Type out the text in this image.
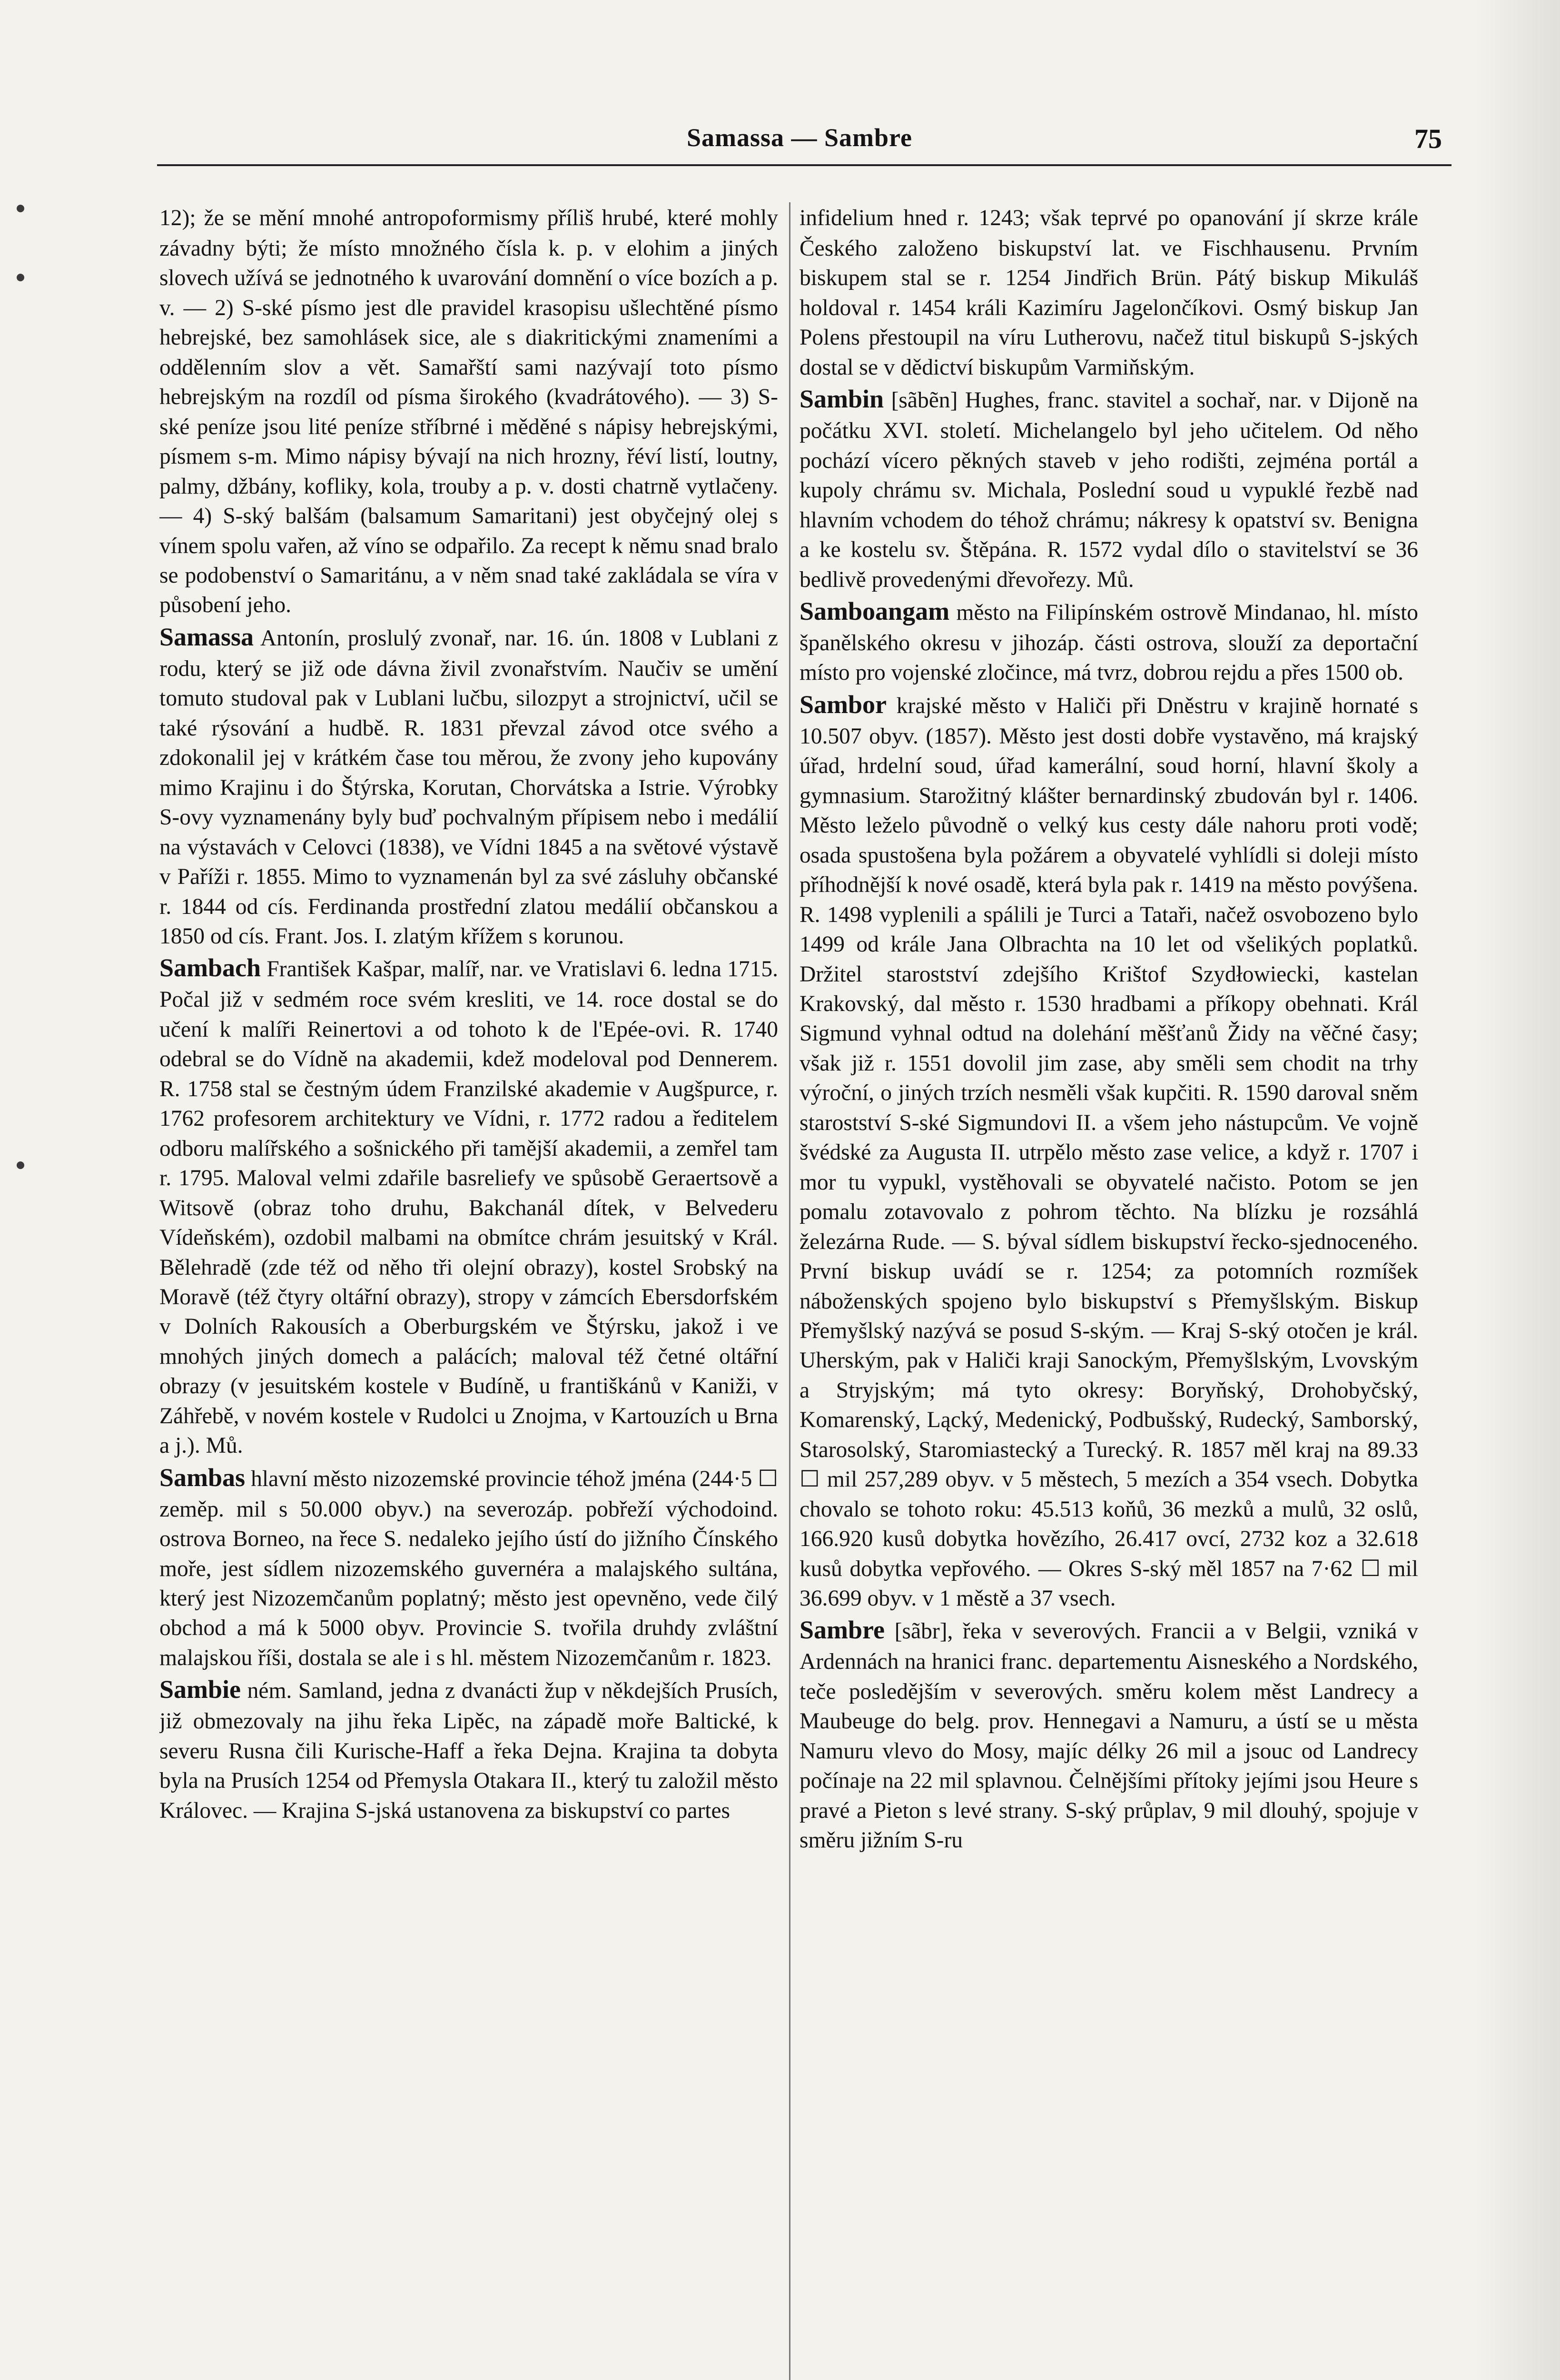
Samassa — Sambre	75

12); že se mění mnohé antropoformismy příliš hrubé, které mohly závadny býti; že místo množného čísla k. p. v elohim a jiných slovech užívá se jednotného k uvarování domnění o více bozích a p. v. — 2) S-ské písmo jest dle pravidel krasopisu ušlechtěné písmo hebrejské, bez samohlásek sice, ale s diakritickými znameními a oddělenním slov a vět. Samařští sami nazývají toto písmo hebrejským na rozdíl od písma širokého (kvadrátového). — 3) S-ské peníze jsou lité peníze stříbrné i měděné s nápisy hebrejskými, písmem s-m. Mimo nápisy bývají na nich hrozny, řéví listí, loutny, palmy, džbány, kofliky, kola, trouby a p. v. dosti chatrně vytlačeny. — 4) S-ský balšám (balsamum Samaritani) jest obyčejný olej s vínem spolu vařen, až víno se odpařilo. Za recept k němu snad bralo se podobenství o Samaritánu, a v něm snad také zakládala se víra v působení jeho.

Samassa Antonín, proslulý zvonař, nar. 16. ún. 1808 v Lublani z rodu, který se již ode dávna živil zvonařstvím. Naučiv se umění tomuto studoval pak v Lublani lučbu, silozpyt a strojnictví, učil se také rýsování a hudbě. R. 1831 převzal závod otce svého a zdokonalil jej v krátkém čase tou měrou, že zvony jeho kupovány mimo Krajinu i do Štýrska, Korutan, Chorvátska a Istrie. Výrobky S-ovy vyznamenány byly buď pochvalným přípisem nebo i medálií na výstavách v Celovci (1838), ve Vídni 1845 a na světové výstavě v Paříži r. 1855. Mimo to vyznamenán byl za své zásluhy občanské r. 1844 od cís. Ferdinanda prostřední zlatou medálií občanskou a 1850 od cís. Frant. Jos. I. zlatým křížem s korunou.

Sambach František Kašpar, malíř, nar. ve Vratislavi 6. ledna 1715. Počal již v sedmém roce svém kresliti, ve 14. roce dostal se do učení k malíři Reinertovi a od tohoto k de l'Epée-ovi. R. 1740 odebral se do Vídně na akademii, kdež modeloval pod Dennerem. R. 1758 stal se čestným údem Franzilské akademie v Augšpurce, r. 1762 profesorem architektury ve Vídni, r. 1772 radou a ředitelem odboru malířského a sošnického při tamější akademii, a zemřel tam r. 1795. Maloval velmi zdařile basreliefy ve spůsobě Geraertsově a Witsově (obraz toho druhu, Bakchanál dítek, v Belvederu Vídeňském), ozdobil malbami na obmítce chrám jesuitský v Král. Bělehradě (zde též od něho tři olejní obrazy), kostel Srobský na Moravě (též čtyry oltářní obrazy), stropy v zámcích Ebersdorfském v Dolních Rakousích a Oberburgském ve Štýrsku, jakož i ve mnohých jiných domech a palácích; maloval též četné oltářní obrazy (v jesuitském kostele v Budíně, u františkánů v Kaniži, v Záhřebě, v novém kostele v Rudolci u Znojma, v Kartouzích u Brna a j.). Mů.

Sambas hlavní město nizozemské provincie téhož jména (244·5 ☐ zeměp. mil s 50.000 obyv.) na severozáp. pobřeží východoind. ostrova Borneo, na řece S. nedaleko jejího ústí do jižního Čínského moře, jest sídlem nizozemského guvernéra a malajského sultána, který jest Nizozemčanům poplatný; město jest opevněno, vede čilý obchod a má k 5000 obyv. Provincie S. tvořila druhdy zvláštní malajskou říši, dostala se ale i s hl. městem Nizozemčanům r. 1823.

Sambie ném. Samland, jedna z dvanácti žup v někdejších Prusích, již obmezovaly na jihu řeka Lipěc, na západě moře Baltické, k severu Rusna čili Kurische-Haff a řeka Dejna. Krajina ta dobyta byla na Prusích 1254 od Přemysla Otakara II., který tu založil město Královec. — Krajina S-jská ustanovena za biskupství co partes

infidelium hned r. 1243; však teprvé po opanování jí skrze krále Českého založeno biskupství lat. ve Fischhausenu. Prvním biskupem stal se r. 1254 Jindřich Brün. Pátý biskup Mikuláš holdoval r. 1454 králi Kazimíru Jagelončíkovi. Osmý biskup Jan Polens přestoupil na víru Lutherovu, načež titul biskupů S-jských dostal se v dědictví biskupům Varmiňským.

Sambin [sãbẽn] Hughes, franc. stavitel a sochař, nar. v Dijoně na počátku XVI. století. Michelangelo byl jeho učitelem. Od něho pochází vícero pěkných staveb v jeho rodišti, zejména portál a kupoly chrámu sv. Michala, Poslední soud u vypuklé řezbě nad hlavním vchodem do téhož chrámu; nákresy k opatství sv. Benigna a ke kostelu sv. Štěpána. R. 1572 vydal dílo o stavitelství se 36 bedlivě provedenými dřevořezy. Mů.

Samboangam město na Filipínském ostrově Mindanao, hl. místo španělského okresu v jihozáp. části ostrova, slouží za deportační místo pro vojenské zločince, má tvrz, dobrou rejdu a přes 1500 ob.

Sambor krajské město v Haliči při Dněstru v krajině hornaté s 10.507 obyv. (1857). Město jest dosti dobře vystavěno, má krajský úřad, hrdelní soud, úřad kamerální, soud horní, hlavní školy a gymnasium. Starožitný klášter bernardinský zbudován byl r. 1406. Město leželo původně o velký kus cesty dále nahoru proti vodě; osada spustošena byla požárem a obyvatelé vyhlídli si doleji místo příhodnější k nové osadě, která byla pak r. 1419 na město povýšena. R. 1498 vyplenili a spálili je Turci a Tataři, načež osvobozeno bylo 1499 od krále Jana Olbrachta na 10 let od všelikých poplatků. Držitel starostství zdejšího Krištof Szydłowiecki, kastelan Krakovský, dal město r. 1530 hradbami a příkopy obehnati. Král Sigmund vyhnal odtud na dolehání měšťanů Židy na věčné časy; však již r. 1551 dovolil jim zase, aby směli sem chodit na trhy výroční, o jiných trzích nesměli však kupčiti. R. 1590 daroval sněm starostství S-ské Sigmundovi II. a všem jeho nástupcům. Ve vojně švédské za Augusta II. utrpělo město zase velice, a když r. 1707 i mor tu vypukl, vystěhovali se obyvatelé načisto. Potom se jen pomalu zotavovalo z pohrom těchto. Na blízku je rozsáhlá železárna Rude. — S. býval sídlem biskupství řecko-sjednoceného. První biskup uvádí se r. 1254; za potomních rozmíšek náboženských spojeno bylo biskupství s Přemyšlským. Biskup Přemyšlský nazývá se posud S-ským. — Kraj S-ský otočen je král. Uherským, pak v Haliči kraji Sanockým, Přemyšlským, Lvovským a Stryjským; má tyto okresy: Boryňský, Drohobyčský, Komarenský, Lącký, Medenický, Podbušský, Rudecký, Samborský, Starosolský, Staromiastecký a Turecký. R. 1857 měl kraj na 89.33 ☐ mil 257,289 obyv. v 5 městech, 5 mezích a 354 vsech. Dobytka chovalo se tohoto roku: 45.513 koňů, 36 mezků a mulů, 32 oslů, 166.920 kusů dobytka hovězího, 26.417 ovcí, 2732 koz a 32.618 kusů dobytka vepřového. — Okres S-ský měl 1857 na 7·62 ☐ mil 36.699 obyv. v 1 městě a 37 vsech.

Sambre [sãbr], řeka v severových. Francii a v Belgii, vzniká v Ardennách na hranici franc. departementu Aisneského a Nordského, teče posledějším v severových. směru kolem měst Landrecy a Maubeuge do belg. prov. Hennegavi a Namuru, a ústí se u města Namuru vlevo do Mosy, majíc délky 26 mil a jsouc od Landrecy počínaje na 22 mil splavnou. Čelnějšími přítoky jejími jsou Heure s pravé a Pieton s levé strany. S-ský průplav, 9 mil dlouhý, spojuje v směru jižním S-ru
